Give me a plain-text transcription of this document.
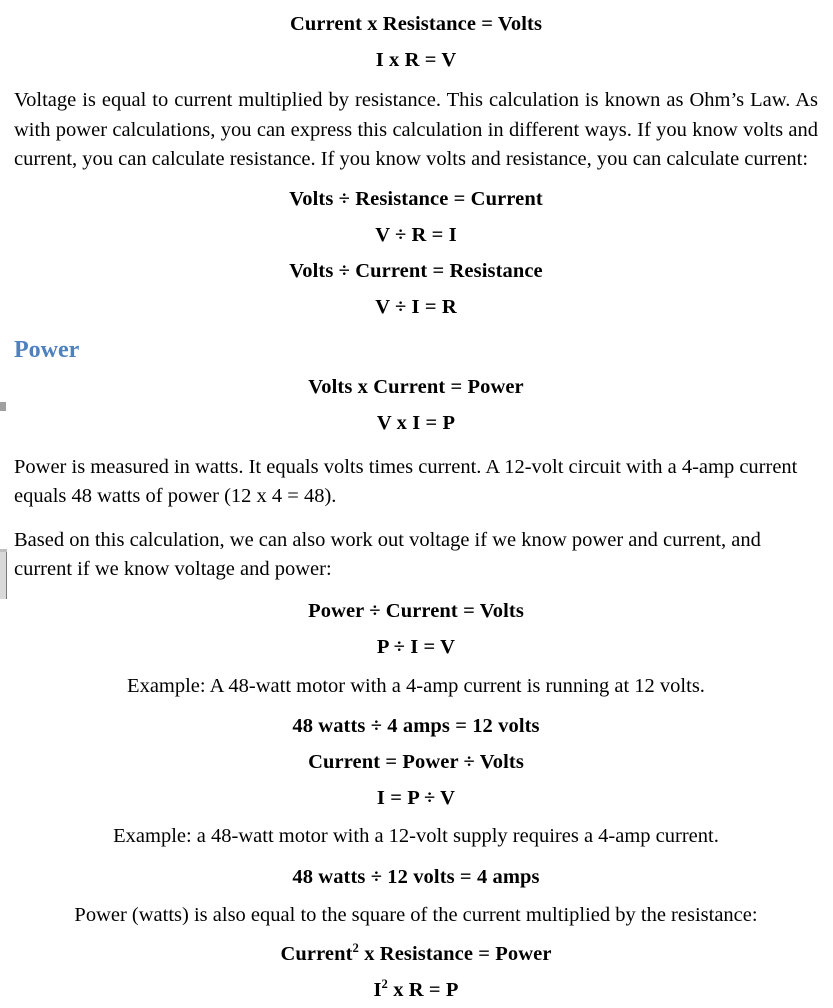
Current x Resistance = Volts

I x R = V

Voltage is equal to current multiplied by resistance. This calculation is known as Ohm’s Law. As with power calculations, you can express this calculation in different ways. If you know volts and current, you can calculate resistance. If you know volts and resistance, you can calculate current:

Volts ÷ Resistance = Current

V ÷ R = I

Volts ÷ Current = Resistance

V ÷ I = R

Power

Volts x Current = Power

V x I = P

Power is measured in watts. It equals volts times current. A 12-volt circuit with a 4-amp current equals 48 watts of power (12 x 4 = 48).

Based on this calculation, we can also work out voltage if we know power and current, and current if we know voltage and power:

Power ÷ Current = Volts

P ÷ I = V

Example: A 48-watt motor with a 4-amp current is running at 12 volts.

48 watts ÷ 4 amps = 12 volts

Current = Power ÷ Volts

I = P ÷ V

Example: a 48-watt motor with a 12-volt supply requires a 4-amp current.

48 watts ÷ 12 volts = 4 amps

Power (watts) is also equal to the square of the current multiplied by the resistance:

Current$^2$ x Resistance = Power

$I^2$ x R = P
